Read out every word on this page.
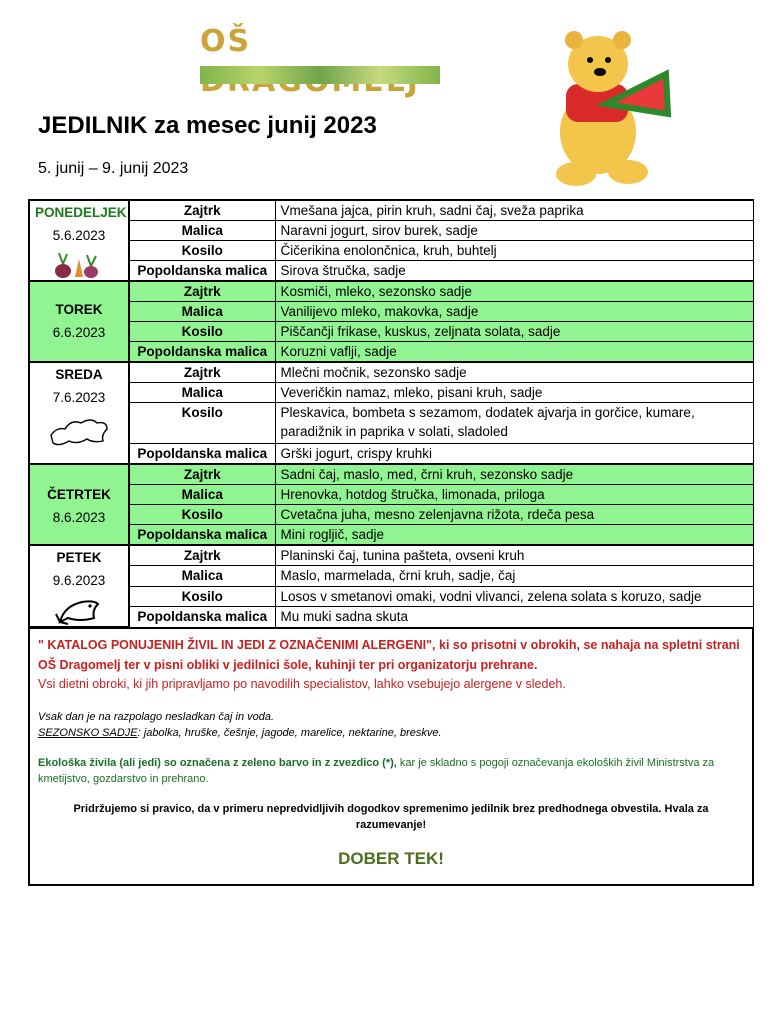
OŠ
JEDILNIK za mesec junij 2023
5. junij – 9. junij 2023
PONEDELJEK
5.6.2023	Zajtrk	Vmešana jajca, pirin kruh, sadni čaj, sveža paprika
	Malica	Naravni jogurt, sirov burek, sadje
	Kosilo	Čičerikina enolončnica, kruh, buhtelj
	Popoldanska malica	Sirova štručka, sadje

TOREK
6.6.2023	Zajtrk	Kosmiči, mleko, sezonsko sadje
	Malica	Vanilijevo mleko, makovka, sadje
	Kosilo	Piščančji frikase, kuskus, zeljnata solata, sadje
	Popoldanska malica	Koruzni vaflji, sadje

SREDA
7.6.2023	Zajtrk	Mlečni močnik, sezonsko sadje
	Malica	Veveričkin namaz, mleko, pisani kruh, sadje
	Kosilo	Pleskavica, bombeta s sezamom, dodatek ajvarja in gorčice, kumare, paradižnik in paprika v solati, sladoled
	Popoldanska malica	Grški jogurt, crispy kruhki

ČETRTEK
8.6.2023	Zajtrk	Sadni čaj, maslo, med, črni kruh, sezonsko sadje
	Malica	Hrenovka, hotdog štručka, limonada, priloga
	Kosilo	Cvetačna juha, mesno zelenjavna rižota, rdeča pesa
	Popoldanska malica	Mini rogljič, sadje

PETEK
9.6.2023	Zajtrk	Planinski čaj, tunina pašteta, ovseni kruh
	Malica	Maslo, marmelada, črni kruh, sadje, čaj
	Kosilo	Losos v smetanovi omaki, vodni vlivanci, zelena solata s koruzo, sadje
	Popoldanska malica	Mu muki sadna skuta
" KATALOG PONUJENIH ŽIVIL IN JEDI Z OZNAČENIMI ALERGENI", ki so prisotni v obrokih, se nahaja na spletni strani OŠ Dragomelj ter v pisni obliki v jedilnici šole, kuhinji ter pri organizatorju prehrane.
Vsi dietni obroki, ki jih pripravljamo po navodilih specialistov, lahko vsebujejo alergene v sledeh.
Vsak dan je na razpolago nesladkan čaj in voda.
SEZONSKO SADJE: jabolka, hruške, češnje, jagode, marelice, nektarine, breskve.
Ekološka živila (ali jedi) so označena z zeleno barvo in z zvezdico (*), kar je skladno s pogoji označevanja ekoloških živil Ministrstva za kmetijstvo, gozdarstvo in prehrano.
Pridržujemo si pravico, da v primeru nepredvidljivih dogodkov spremenimo jedilnik brez predhodnega obvestila. Hvala za razumevanje!
DOBER TEK!
